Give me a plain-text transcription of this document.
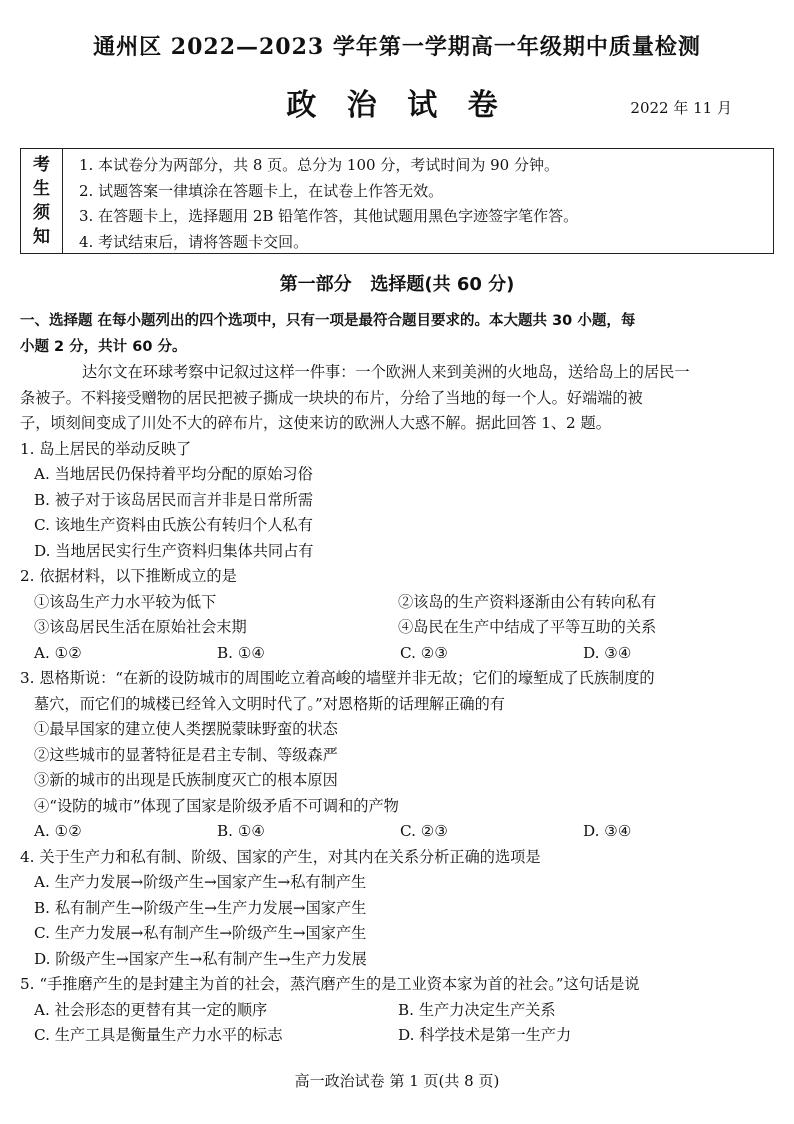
通州区 2022—2023 学年第一学期高一年级期中质量检测
政 治 试 卷	2022 年 11 月
考
生
须
知
1. 本试卷分为两部分，共 8 页。总分为 100 分，考试时间为 90 分钟。
2. 试题答案一律填涂在答题卡上，在试卷上作答无效。
3. 在答题卡上，选择题用 2B 铅笔作答，其他试题用黑色字迹签字笔作答。
4. 考试结束后，请将答题卡交回。
第一部分   选择题(共 60 分)
一、选择题 在每小题列出的四个选项中，只有一项是最符合题目要求的。本大题共 30 小题，每
小题 2 分，共计 60 分。
达尔文在环球考察中记叙过这样一件事：一个欧洲人来到美洲的火地岛，送给岛上的居民一
条被子。不料接受赠物的居民把被子撕成一块块的布片，分给了当地的每一个人。好端端的被
子，顷刻间变成了川处不大的碎布片，这使来访的欧洲人大惑不解。据此回答 1、2 题。
1. 岛上居民的举动反映了
A. 当地居民仍保持着平均分配的原始习俗
B. 被子对于该岛居民而言并非是日常所需
C. 该地生产资料由氏族公有转归个人私有
D. 当地居民实行生产资料归集体共同占有
2. 依据材料，以下推断成立的是
①该岛生产力水平较为低下	②该岛的生产资料逐渐由公有转向私有
③该岛居民生活在原始社会末期	④岛民在生产中结成了平等互助的关系
A. ①②	B. ①④	C. ②③	D. ③④
3. 恩格斯说：“在新的设防城市的周围屹立着高峻的墙壁并非无故；它们的壕堑成了氏族制度的
墓穴，而它们的城楼已经耸入文明时代了。”对恩格斯的话理解正确的有
①最早国家的建立使人类摆脱蒙昧野蛮的状态
②这些城市的显著特征是君主专制、等级森严
③新的城市的出现是氏族制度灭亡的根本原因
④“设防的城市”体现了国家是阶级矛盾不可调和的产物
A. ①②	B. ①④	C. ②③	D. ③④
4. 关于生产力和私有制、阶级、国家的产生，对其内在关系分析正确的选项是
A. 生产力发展→阶级产生→国家产生→私有制产生
B. 私有制产生→阶级产生→生产力发展→国家产生
C. 生产力发展→私有制产生→阶级产生→国家产生
D. 阶级产生→国家产生→私有制产生→生产力发展
5. “手推磨产生的是封建主为首的社会，蒸汽磨产生的是工业资本家为首的社会。”这句话是说
A. 社会形态的更替有其一定的顺序	B. 生产力决定生产关系
C. 生产工具是衡量生产力水平的标志	D. 科学技术是第一生产力
高一政治试卷 第 1 页(共 8 页)
